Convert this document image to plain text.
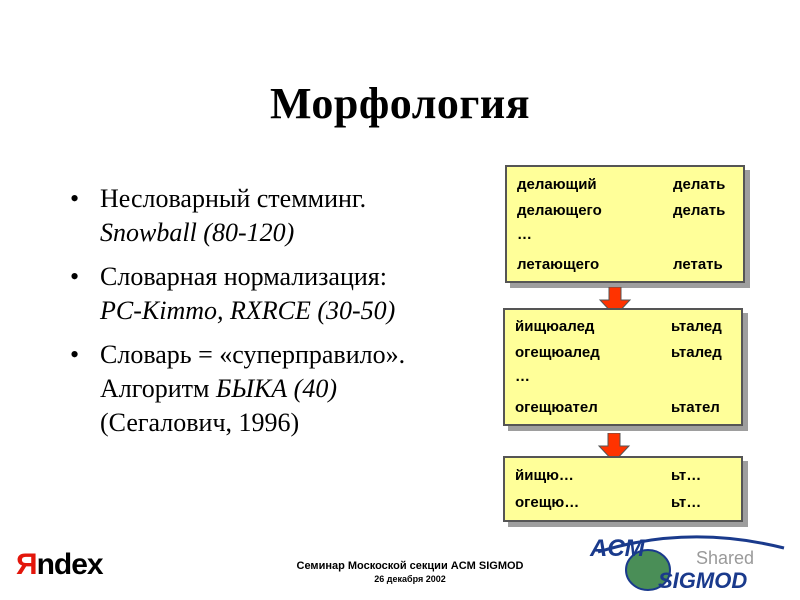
Морфология
• Несловарный стемминг.
Snowball (80-120)
• Словарная нормализация:
PC-Kimmo, RXRCE (30-50)
• Словарь = «суперправило».
Алгоритм БЫКА (40)
(Сегалович, 1996)
делающий	делать
делающего	делать
…
летающего	летать
йищюалед	ьталед
огещюалед	ьталед
…
огещюател	ьтател
йищю…	ьт…
огещю…	ьт…
Яndex	Семинар Москоской секции ACM SIGMOD
26 декабря 2002
ACM
SIGMOD
Shared
